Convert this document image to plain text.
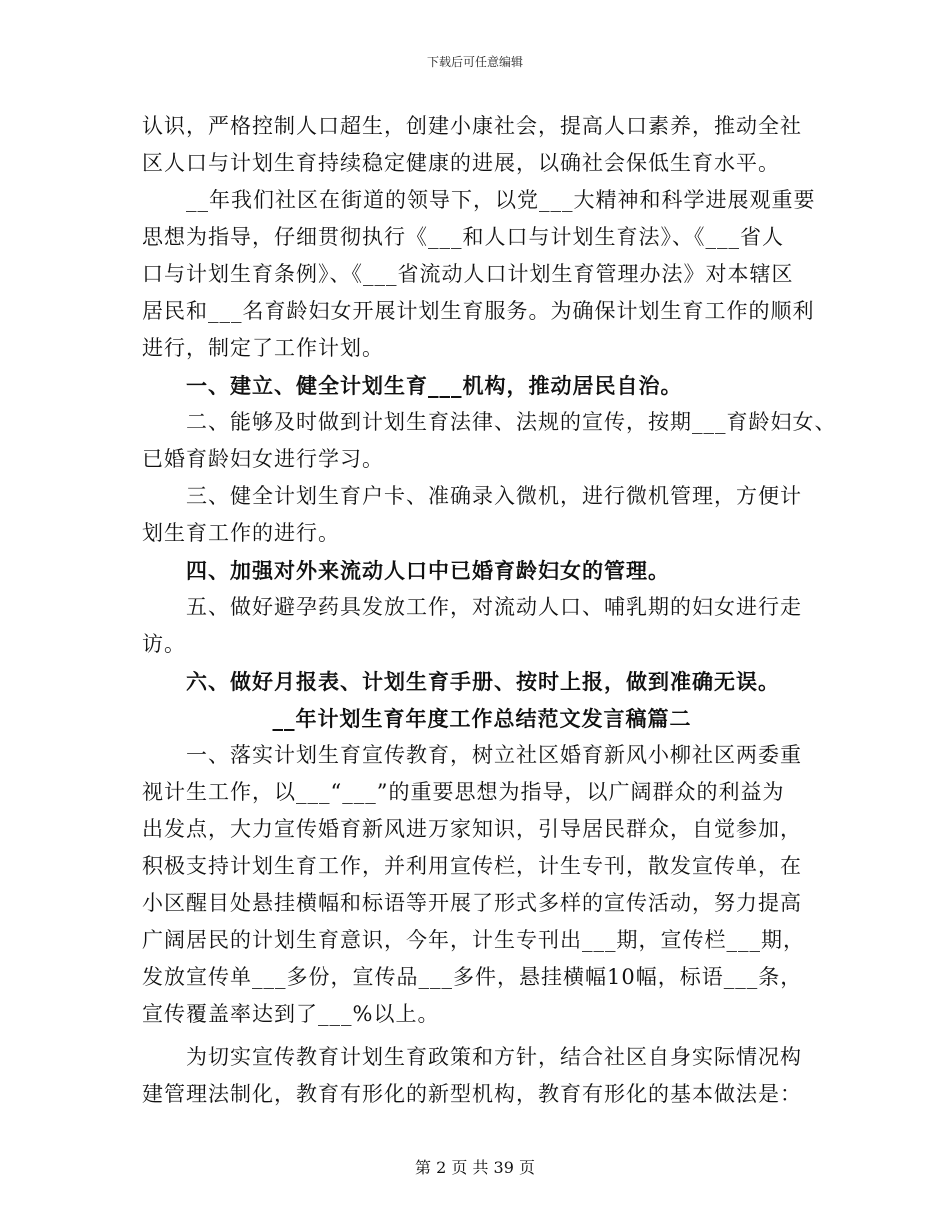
下载后可任意编辑
认识，严格控制人口超生，创建小康社会，提高人口素养，推动全社
区人口与计划生育持续稳定健康的进展，以确社会保低生育水平。
__年我们社区在街道的领导下，以党___大精神和科学进展观重要
思想为指导，仔细贯彻执行《___和人口与计划生育法》、《___省人
口与计划生育条例》、《___省流动人口计划生育管理办法》对本辖区
居民和___名育龄妇女开展计划生育服务。为确保计划生育工作的顺利
进行，制定了工作计划。
一、建立、健全计划生育___机构，推动居民自治。
二、能够及时做到计划生育法律、法规的宣传，按期___育龄妇女、
已婚育龄妇女进行学习。
三、健全计划生育户卡、准确录入微机，进行微机管理，方便计
划生育工作的进行。
四、加强对外来流动人口中已婚育龄妇女的管理。
五、做好避孕药具发放工作，对流动人口、哺乳期的妇女进行走
访。
六、做好月报表、计划生育手册、按时上报，做到准确无误。
__年计划生育年度工作总结范文发言稿篇二
一、落实计划生育宣传教育，树立社区婚育新风小柳社区两委重
视计生工作，以___“___”的重要思想为指导，以广阔群众的利益为
出发点，大力宣传婚育新风进万家知识，引导居民群众，自觉参加，
积极支持计划生育工作，并利用宣传栏，计生专刊，散发宣传单，在
小区醒目处悬挂横幅和标语等开展了形式多样的宣传活动，努力提高
广阔居民的计划生育意识，今年，计生专刊出___期，宣传栏___期，
发放宣传单___多份，宣传品___多件，悬挂横幅10幅，标语___条，
宣传覆盖率达到了___%以上。
为切实宣传教育计划生育政策和方针，结合社区自身实际情况构
建管理法制化，教育有形化的新型机构，教育有形化的基本做法是：
第 2 页 共 39 页
